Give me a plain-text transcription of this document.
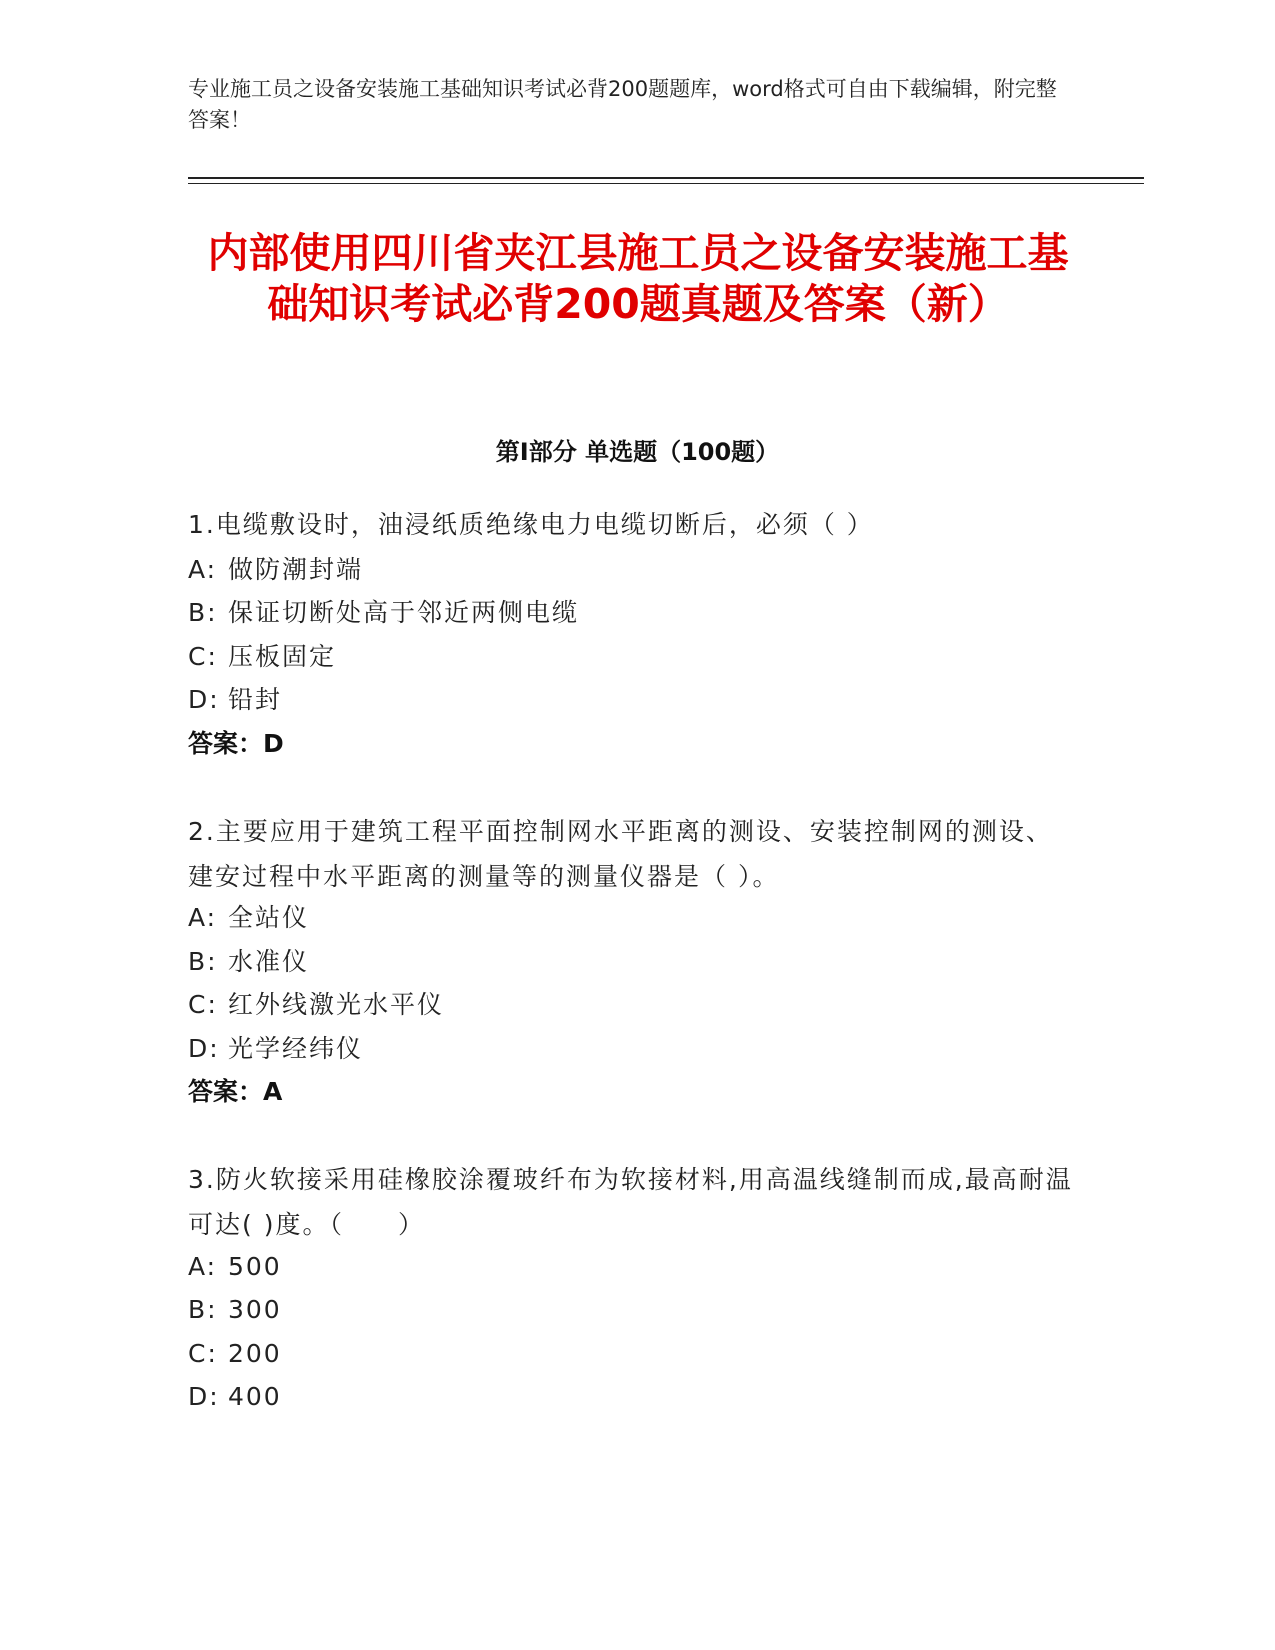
专业施工员之设备安装施工基础知识考试必背200题题库，word格式可自由下载编辑，附完整答案！
内部使用四川省夹江县施工员之设备安装施工基础知识考试必背200题真题及答案（新）
第I部分 单选题（100题）
1.电缆敷设时，油浸纸质绝缘电力电缆切断后，必须（ ）
A: 做防潮封端
B: 保证切断处高于邻近两侧电缆
C: 压板固定
D: 铅封
答案：D
2.主要应用于建筑工程平面控制网水平距离的测设、安装控制网的测设、建安过程中水平距离的测量等的测量仪器是（ ）。
A: 全站仪
B: 水准仪
C: 红外线激光水平仪
D: 光学经纬仪
答案：A
3.防火软接采用硅橡胶涂覆玻纤布为软接材料,用高温线缝制而成,最高耐温可达( )度。（　　）
A: 500
B: 300
C: 200
D: 400
